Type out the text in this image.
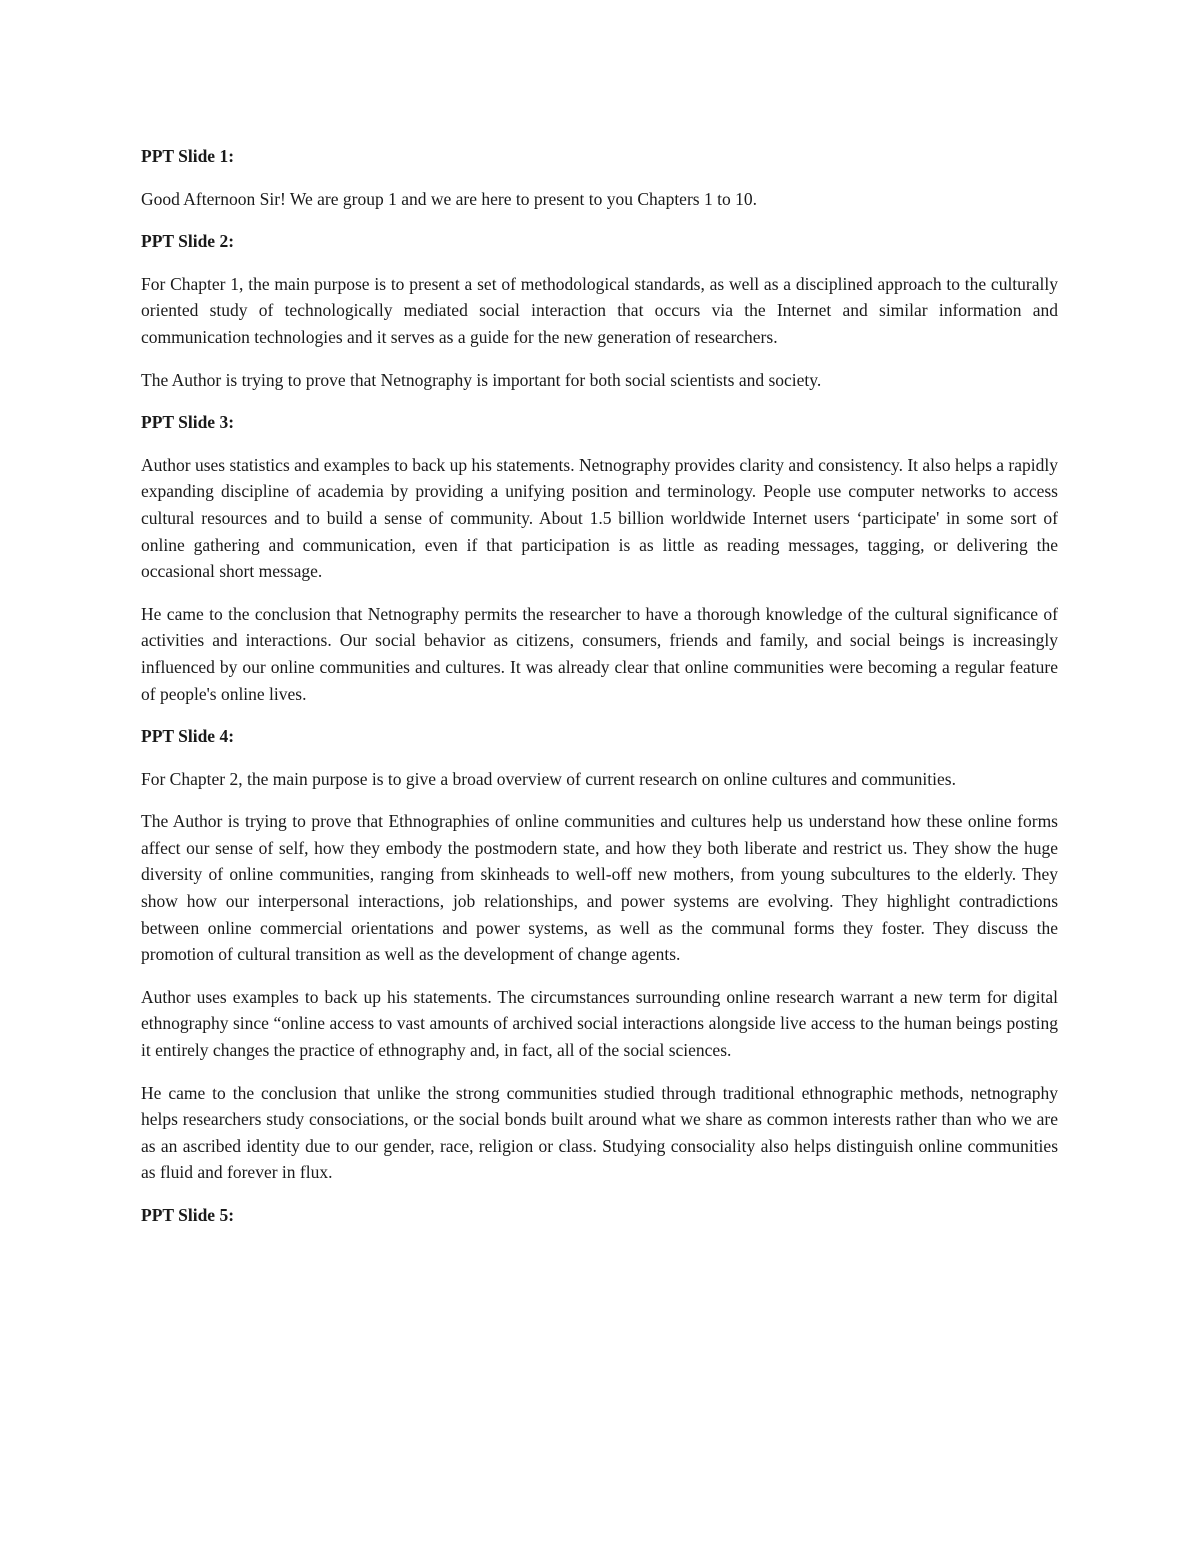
PPT Slide 1:

Good Afternoon Sir! We are group 1 and we are here to present to you Chapters 1 to 10.

PPT Slide 2:

For Chapter 1, the main purpose is to present a set of methodological standards, as well as a disciplined approach to the culturally oriented study of technologically mediated social interaction that occurs via the Internet and similar information and communication technologies and it serves as a guide for the new generation of researchers.

The Author is trying to prove that Netnography is important for both social scientists and society.

PPT Slide 3:

Author uses statistics and examples to back up his statements. Netnography provides clarity and consistency. It also helps a rapidly expanding discipline of academia by providing a unifying position and terminology. People use computer networks to access cultural resources and to build a sense of community. About 1.5 billion worldwide Internet users ‘participate' in some sort of online gathering and communication, even if that participation is as little as reading messages, tagging, or delivering the occasional short message.

He came to the conclusion that Netnography permits the researcher to have a thorough knowledge of the cultural significance of activities and interactions. Our social behavior as citizens, consumers, friends and family, and social beings is increasingly influenced by our online communities and cultures. It was already clear that online communities were becoming a regular feature of people's online lives.

PPT Slide 4:

For Chapter 2, the main purpose is to give a broad overview of current research on online cultures and communities.

The Author is trying to prove that Ethnographies of online communities and cultures help us understand how these online forms affect our sense of self, how they embody the postmodern state, and how they both liberate and restrict us. They show the huge diversity of online communities, ranging from skinheads to well-off new mothers, from young subcultures to the elderly. They show how our interpersonal interactions, job relationships, and power systems are evolving. They highlight contradictions between online commercial orientations and power systems, as well as the communal forms they foster. They discuss the promotion of cultural transition as well as the development of change agents.

Author uses examples to back up his statements. The circumstances surrounding online research warrant a new term for digital ethnography since “online access to vast amounts of archived social interactions alongside live access to the human beings posting it entirely changes the practice of ethnography and, in fact, all of the social sciences.

He came to the conclusion that unlike the strong communities studied through traditional ethnographic methods, netnography helps researchers study consociations, or the social bonds built around what we share as common interests rather than who we are as an ascribed identity due to our gender, race, religion or class. Studying consociality also helps distinguish online communities as fluid and forever in flux.

PPT Slide 5:
